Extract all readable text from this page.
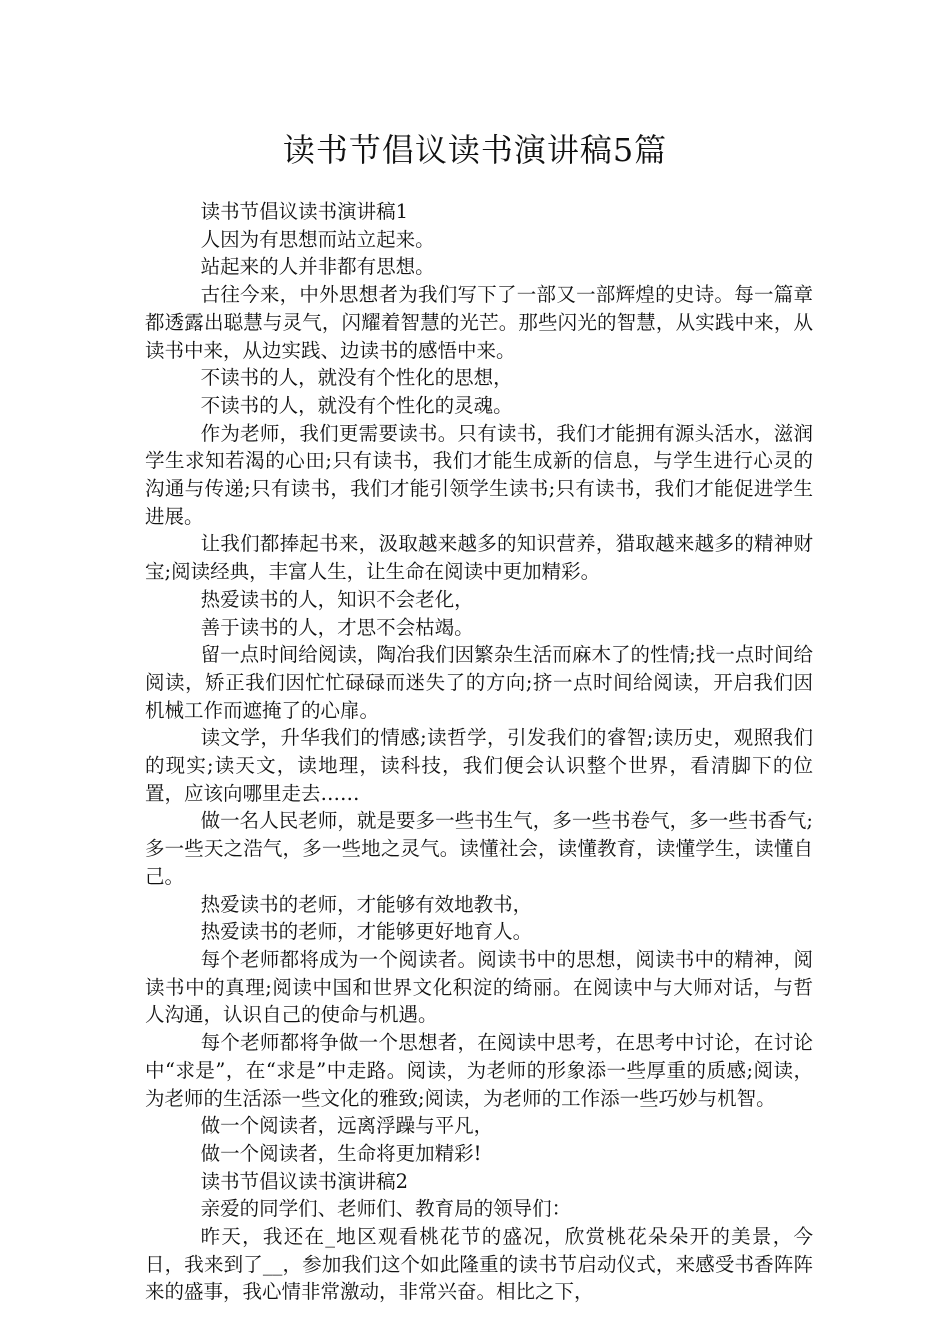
读书节倡议读书演讲稿5篇

读书节倡议读书演讲稿1

人因为有思想而站立起来。

站起来的人并非都有思想。

古往今来，中外思想者为我们写下了一部又一部辉煌的史诗。每一篇章都透露出聪慧与灵气，闪耀着智慧的光芒。那些闪光的智慧，从实践中来，从读书中来，从边实践、边读书的感悟中来。

不读书的人，就没有个性化的思想，

不读书的人，就没有个性化的灵魂。

作为老师，我们更需要读书。只有读书，我们才能拥有源头活水，滋润学生求知若渴的心田;只有读书，我们才能生成新的信息，与学生进行心灵的沟通与传递;只有读书，我们才能引领学生读书;只有读书，我们才能促进学生进展。

让我们都捧起书来，汲取越来越多的知识营养，猎取越来越多的精神财宝;阅读经典，丰富人生，让生命在阅读中更加精彩。

热爱读书的人，知识不会老化，

善于读书的人，才思不会枯竭。

留一点时间给阅读，陶冶我们因繁杂生活而麻木了的性情;找一点时间给阅读，矫正我们因忙忙碌碌而迷失了的方向;挤一点时间给阅读，开启我们因机械工作而遮掩了的心扉。

读文学，升华我们的情感;读哲学，引发我们的睿智;读历史，观照我们的现实;读天文，读地理，读科技，我们便会认识整个世界，看清脚下的位置，应该向哪里走去……

做一名人民老师，就是要多一些书生气，多一些书卷气，多一些书香气;多一些天之浩气，多一些地之灵气。读懂社会，读懂教育，读懂学生，读懂自己。

热爱读书的老师，才能够有效地教书，

热爱读书的老师，才能够更好地育人。

每个老师都将成为一个阅读者。阅读书中的思想，阅读书中的精神，阅读书中的真理;阅读中国和世界文化积淀的绮丽。在阅读中与大师对话，与哲人沟通，认识自己的使命与机遇。

每个老师都将争做一个思想者，在阅读中思考，在思考中讨论，在讨论中“求是”，在“求是”中走路。阅读，为老师的形象添一些厚重的质感;阅读，为老师的生活添一些文化的雅致;阅读，为老师的工作添一些巧妙与机智。

做一个阅读者，远离浮躁与平凡，

做一个阅读者，生命将更加精彩!

读书节倡议读书演讲稿2

亲爱的同学们、老师们、教育局的领导们：

昨天，我还在_地区观看桃花节的盛况，欣赏桃花朵朵开的美景，今日，我来到了__，参加我们这个如此隆重的读书节启动仪式，来感受书香阵阵来的盛事，我心情非常激动，非常兴奋。相比之下，
